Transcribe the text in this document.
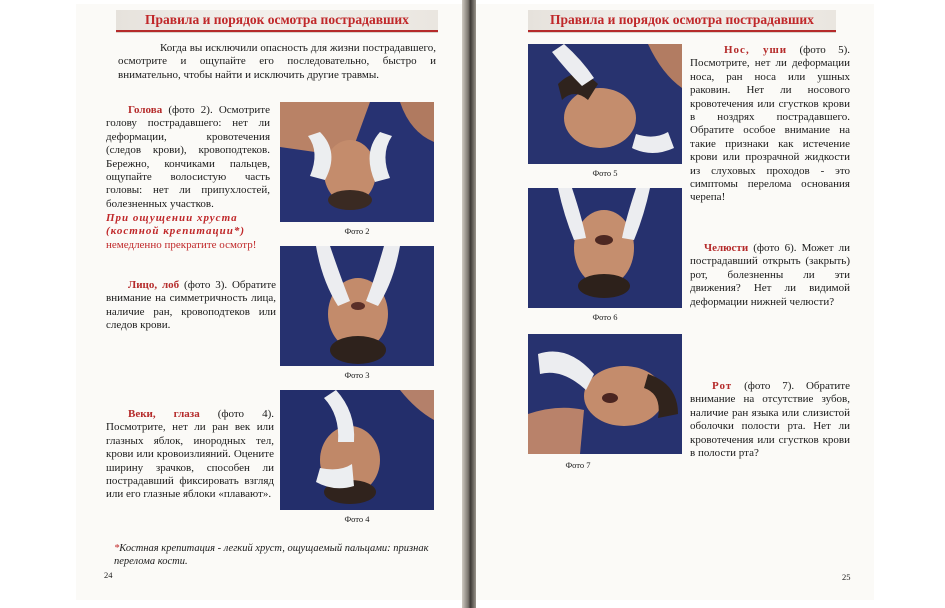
Правила и порядок осмотра пострадавших
Когда вы исключили опасность для жизни пострадавшего, осмотрите и ощупайте его последовательно, быстро и внимательно, чтобы найти и исключить другие травмы.
Голова (фото 2). Осмотрите голову пострадавшего: нет ли деформации, кровотечения (следов крови), кровоподтеков. Бережно, кончиками пальцев, ощупайте волосистую часть головы: нет ли припухлостей, болезненных участков.
При ощущении хруста (костной крепитации*) немедленно прекратите осмотр!
Фото 2
Фото 3
Лицо, лоб (фото 3). Обратите внимание на симметричность лица, наличие ран, кровоподтеков или следов крови.
Фото 4
Веки, глаза (фото 4). Посмотрите, нет ли ран век или глазных яблок, инородных тел, крови или кровоизлияний. Оцените ширину зрачков, способен ли пострадавший фиксировать взгляд или его глазные яблоки «плавают».
*Костная крепитация - легкий хруст, ощущаемый пальцами: признак перелома кости.
24
Правила и порядок осмотра пострадавших
Фото 5
Нос, уши (фото 5). Посмотрите, нет ли деформации носа, ран носа или ушных раковин. Нет ли носового кровотечения или сгустков крови в ноздрях пострадавшего. Обратите особое внимание на такие признаки как истечение крови или прозрачной жидкости из слуховых проходов - это симптомы перелома основания черепа!
Фото 6
Челюсти (фото 6). Может ли пострадавший открыть (закрыть) рот, болезненны ли эти движения? Нет ли видимой деформации нижней челюсти?
Фото 7
Рот (фото 7). Обратите внимание на отсутствие зубов, наличие ран языка или слизистой оболочки полости рта. Нет ли кровотечения или сгустков крови в полости рта?
25
